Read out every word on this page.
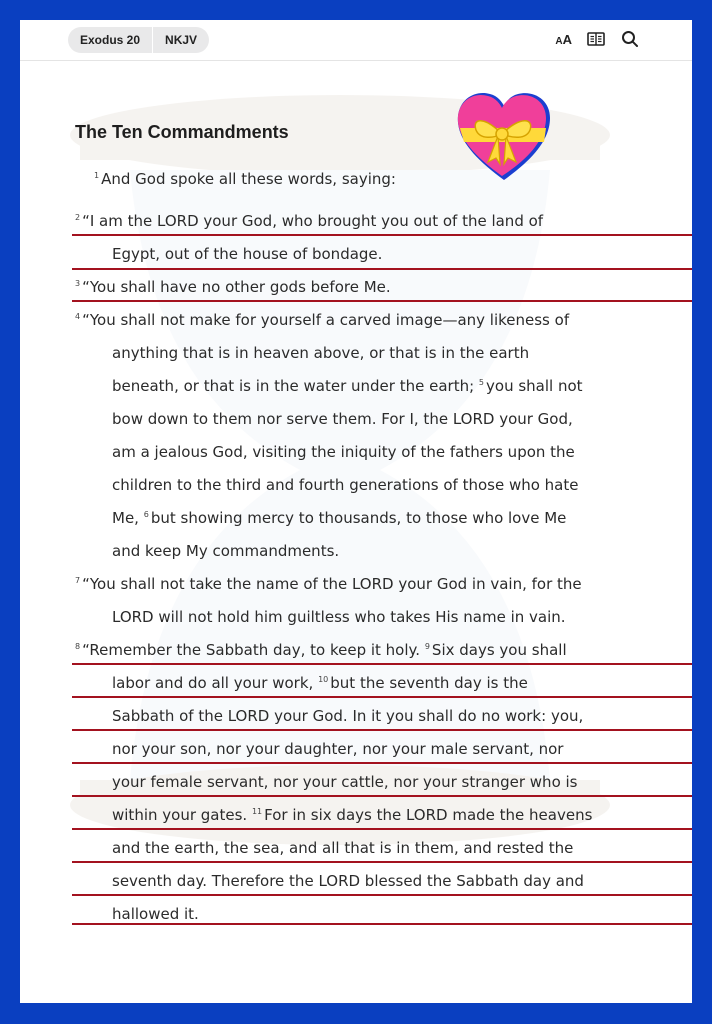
Exodus 20	NKJV	AA
The Ten Commandments
$^1$ And God spoke all these words, saying:
$^2$ “I am the LORD your God, who brought you out of the land of
Egypt, out of the house of bondage.
$^3$ “You shall have no other gods before Me.
$^4$ “You shall not make for yourself a carved image—any likeness of
anything that is in heaven above, or that is in the earth
beneath, or that is in the water under the earth; $^5$ you shall not
bow down to them nor serve them. For I, the LORD your God,
am a jealous God, visiting the iniquity of the fathers upon the
children to the third and fourth generations of those who hate
Me, $^6$ but showing mercy to thousands, to those who love Me
and keep My commandments.
$^7$ “You shall not take the name of the LORD your God in vain, for the
LORD will not hold him guiltless who takes His name in vain.
$^8$ “Remember the Sabbath day, to keep it holy. $^9$ Six days you shall
labor and do all your work, $^{10}$ but the seventh day is the
Sabbath of the LORD your God. In it you shall do no work: you,
nor your son, nor your daughter, nor your male servant, nor
your female servant, nor your cattle, nor your stranger who is
within your gates. $^{11}$ For in six days the LORD made the heavens
and the earth, the sea, and all that is in them, and rested the
seventh day. Therefore the LORD blessed the Sabbath day and
hallowed it.
